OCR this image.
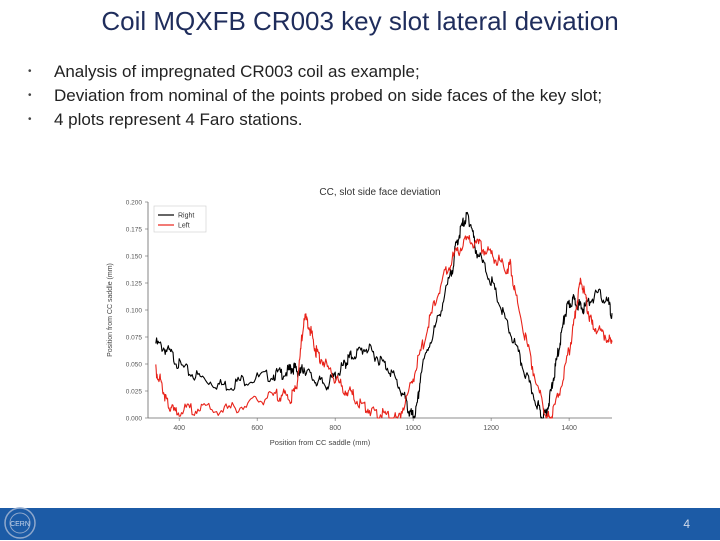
Coil MQXFB CR003 key slot lateral deviation
• Analysis of impregnated CR003 coil as example;
• Deviation from nominal of the points probed on side faces of the key slot;
• 4 plots represent 4 Faro stations.
CC, slot side face deviation
0.000
0.025
0.050
0.075
0.100
0.125
0.150
0.175
0.200
400	600	800	1000	1200	1400
Position from CC saddle (mm)
Position from CC saddle (mm)
Right
Left
CERN	4
